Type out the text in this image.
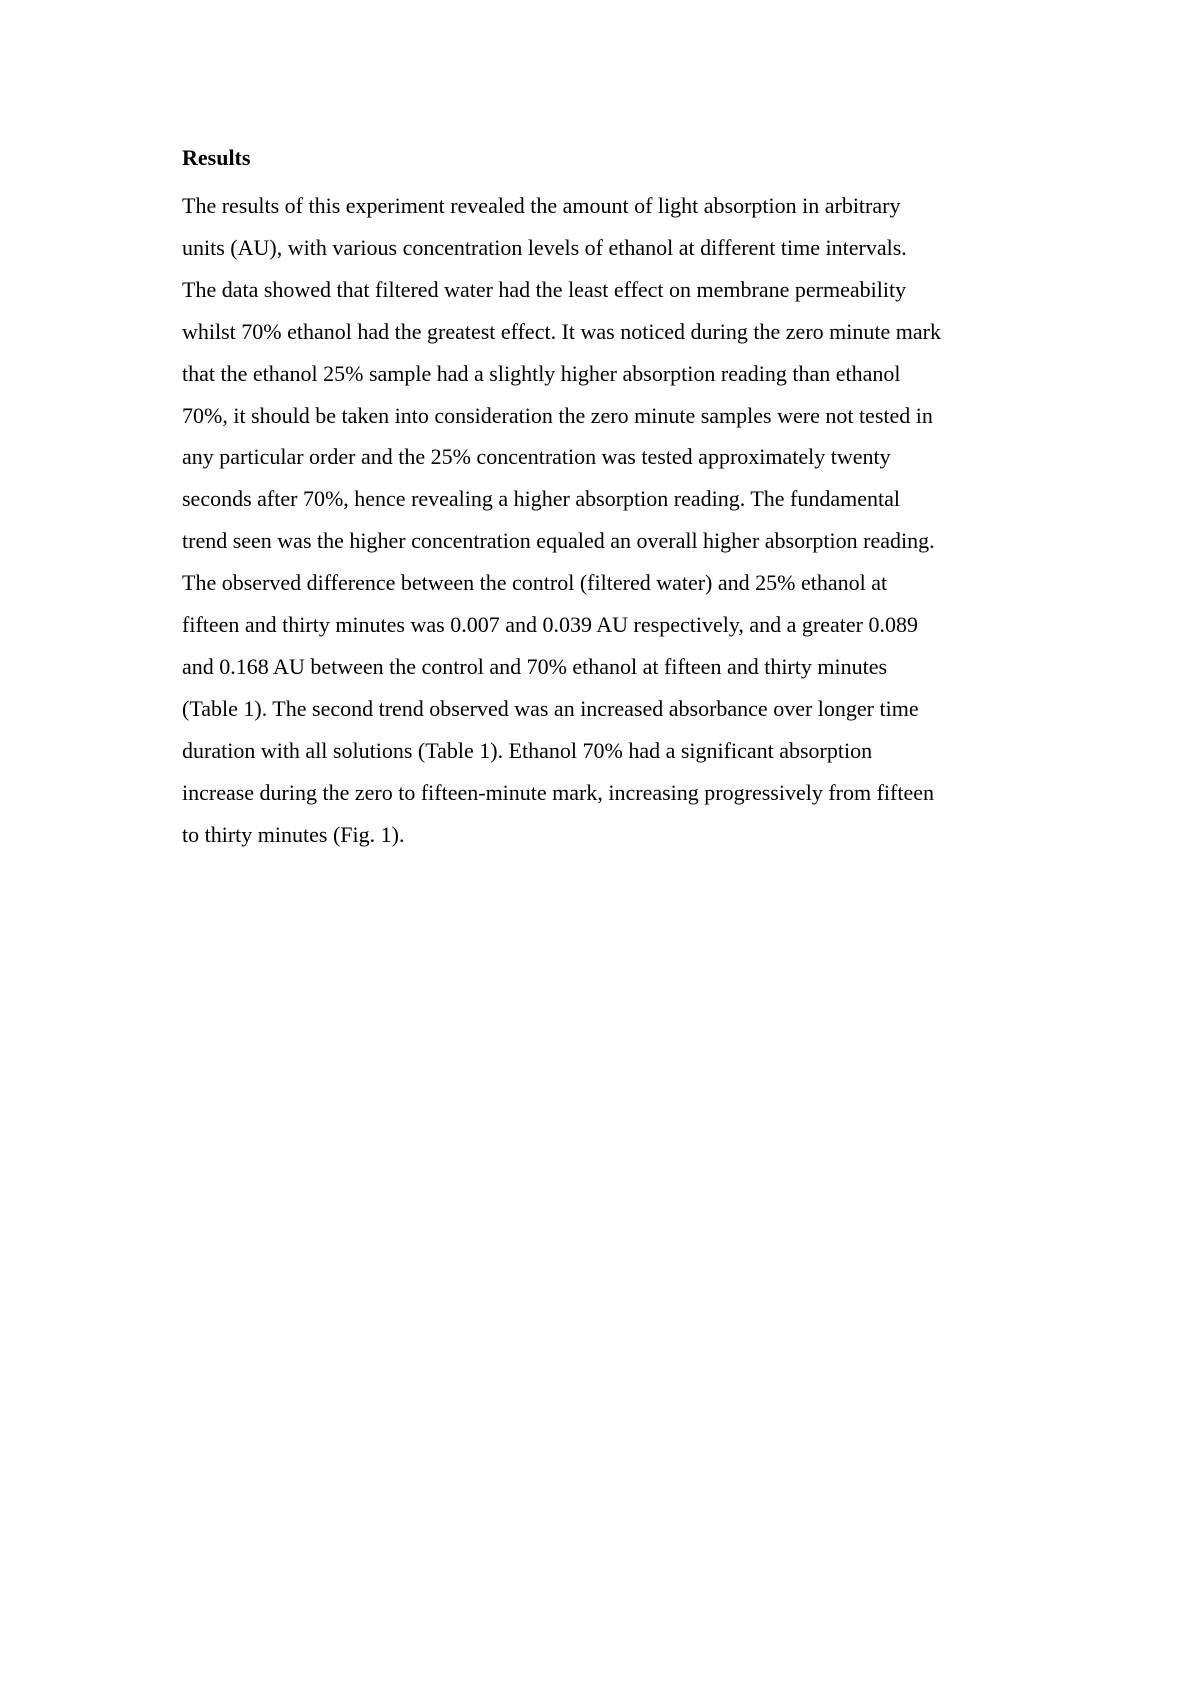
Results
The results of this experiment revealed the amount of light absorption in arbitrary
units (AU), with various concentration levels of ethanol at different time intervals.
The data showed that filtered water had the least effect on membrane permeability
whilst 70% ethanol had the greatest effect. It was noticed during the zero minute mark
that the ethanol 25% sample had a slightly higher absorption reading than ethanol
70%, it should be taken into consideration the zero minute samples were not tested in
any particular order and the 25% concentration was tested approximately twenty
seconds after 70%, hence revealing a higher absorption reading. The fundamental
trend seen was the higher concentration equaled an overall higher absorption reading.
The observed difference between the control (filtered water) and 25% ethanol at
fifteen and thirty minutes was 0.007 and 0.039 AU respectively, and a greater 0.089
and 0.168 AU between the control and 70% ethanol at fifteen and thirty minutes
(Table 1). The second trend observed was an increased absorbance over longer time
duration with all solutions (Table 1). Ethanol 70% had a significant absorption
increase during the zero to fifteen-minute mark, increasing progressively from fifteen
to thirty minutes (Fig. 1).
